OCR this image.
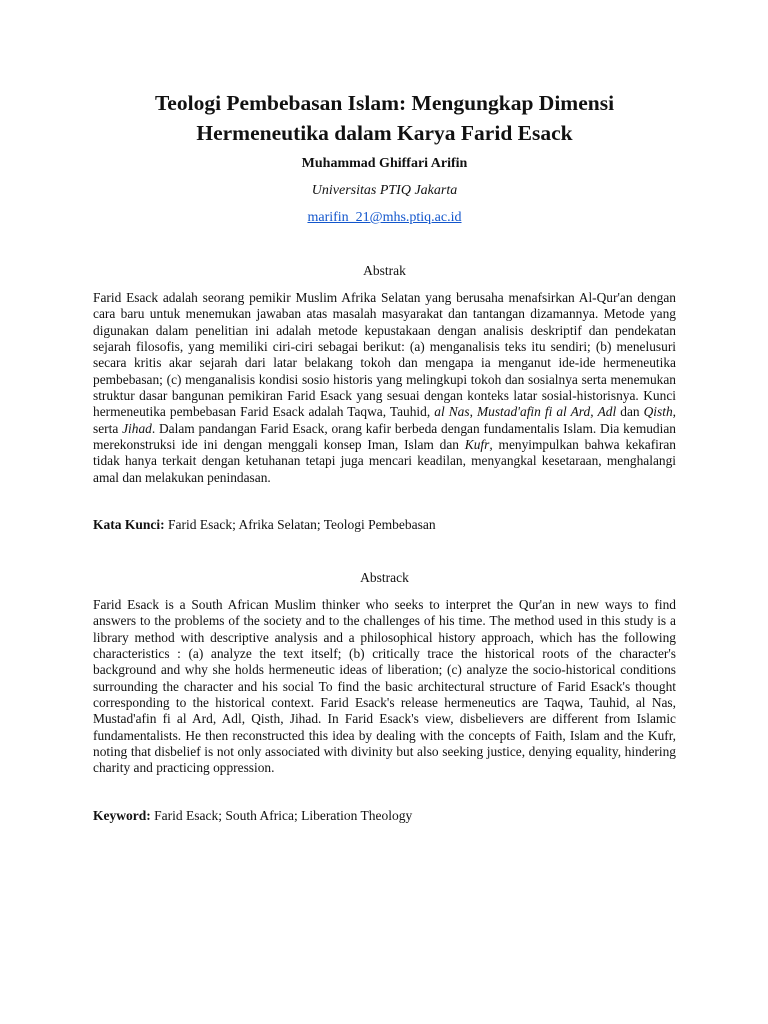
Teologi Pembebasan Islam: Mengungkap Dimensi
Hermeneutika dalam Karya Farid Esack
Muhammad Ghiffari Arifin
Universitas PTIQ Jakarta
marifin_21@mhs.ptiq.ac.id
Abstrak

Farid Esack adalah seorang pemikir Muslim Afrika Selatan yang berusaha menafsirkan Al-Qur'an dengan cara baru untuk menemukan jawaban atas masalah masyarakat dan tantangan dizamannya. Metode yang digunakan dalam penelitian ini adalah metode kepustakaan dengan analisis deskriptif dan pendekatan sejarah filosofis, yang memiliki ciri-ciri sebagai berikut: (a) menganalisis teks itu sendiri; (b) menelusuri secara kritis akar sejarah dari latar belakang tokoh dan mengapa ia menganut ide-ide hermeneutika pembebasan; (c) menganalisis kondisi sosio historis yang melingkupi tokoh dan sosialnya serta menemukan struktur dasar bangunan pemikiran Farid Esack yang sesuai dengan konteks latar sosial-historisnya. Kunci hermeneutika pembebasan Farid Esack adalah Taqwa, Tauhid, al Nas, Mustad'afin fi al Ard, Adl dan Qisth, serta Jihad. Dalam pandangan Farid Esack, orang kafir berbeda dengan fundamentalis Islam. Dia kemudian merekonstruksi ide ini dengan menggali konsep Iman, Islam dan Kufr, menyimpulkan bahwa kekafiran tidak hanya terkait dengan ketuhanan tetapi juga mencari keadilan, menyangkal kesetaraan, menghalangi amal dan melakukan penindasan.

Kata Kunci: Farid Esack; Afrika Selatan; Teologi Pembebasan
Abstrack

Farid Esack is a South African Muslim thinker who seeks to interpret the Qur'an in new ways to find answers to the problems of the society and to the challenges of his time. The method used in this study is a library method with descriptive analysis and a philosophical history approach, which has the following characteristics : (a) analyze the text itself; (b) critically trace the historical roots of the character's background and why she holds hermeneutic ideas of liberation; (c) analyze the socio-historical conditions surrounding the character and his social To find the basic architectural structure of Farid Esack's thought corresponding to the historical context. Farid Esack's release hermeneutics are Taqwa, Tauhid, al Nas, Mustad'afin fi al Ard, Adl, Qisth, Jihad. In Farid Esack's view, disbelievers are different from Islamic fundamentalists. He then reconstructed this idea by dealing with the concepts of Faith, Islam and the Kufr, noting that disbelief is not only associated with divinity but also seeking justice, denying equality, hindering charity and practicing oppression.

Keyword: Farid Esack; South Africa; Liberation Theology
